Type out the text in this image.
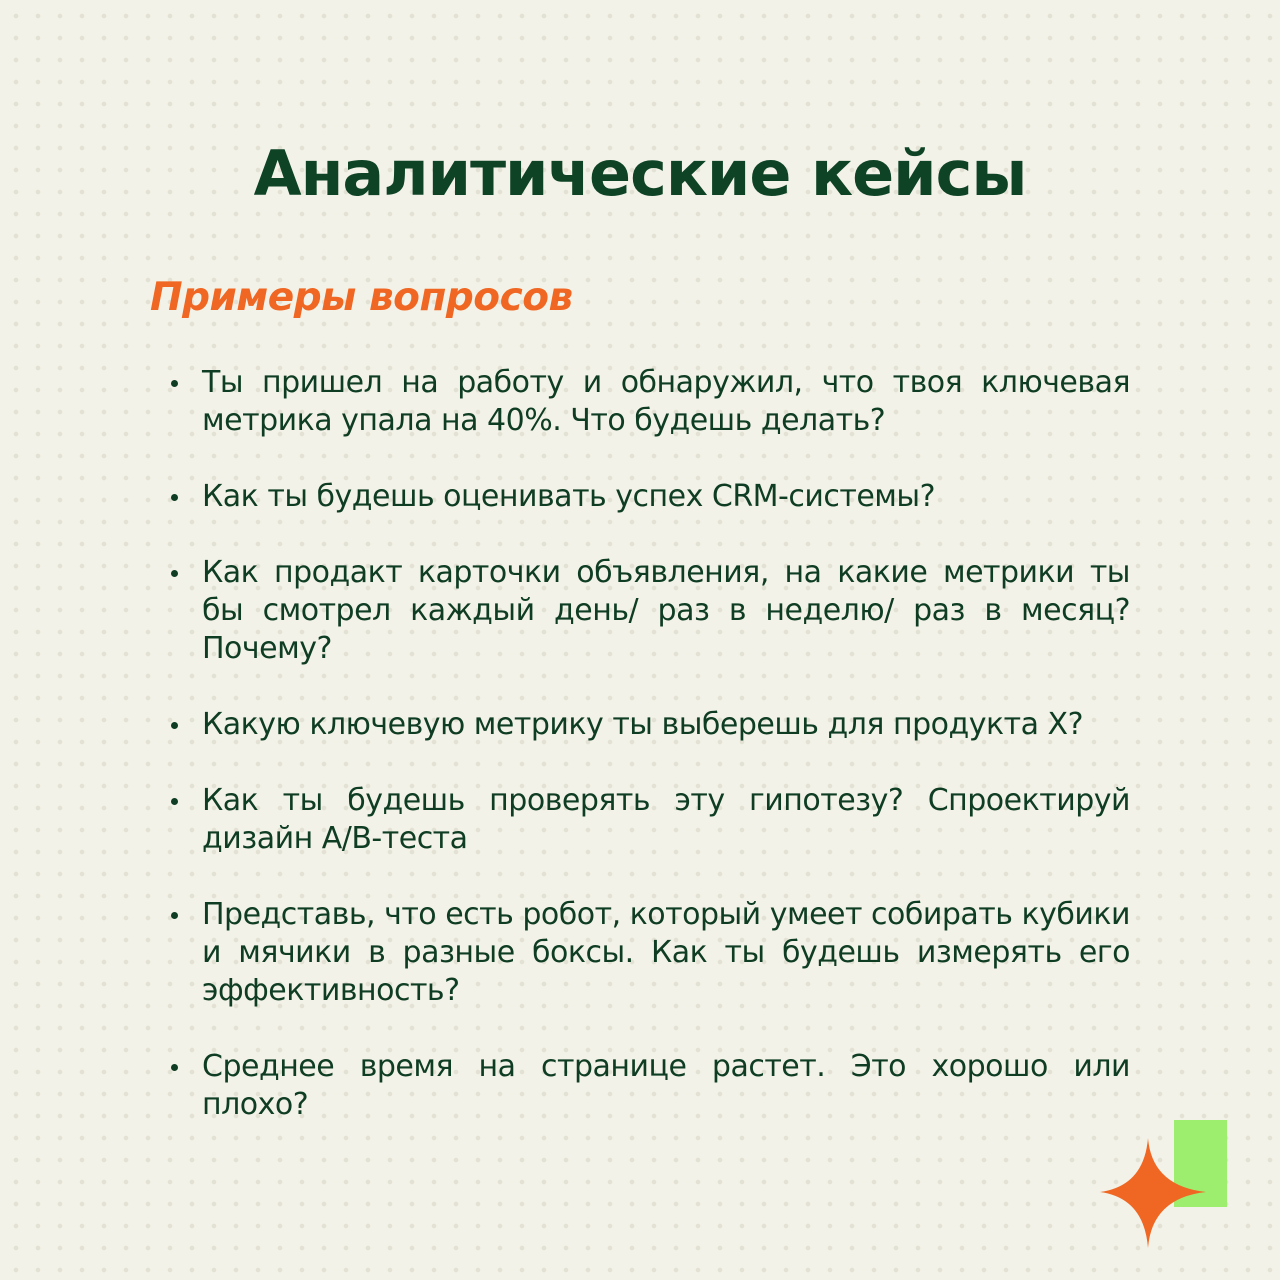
Аналитические кейсы
Примеры вопросов
Ты пришел на работу и обнаружил, что твоя ключевая метрика упала на 40%. Что будешь делать?
Как ты будешь оценивать успех CRM-системы?
Как продакт карточки объявления, на какие метрики ты бы смотрел каждый день/ раз в неделю/ раз в месяц? Почему?
Какую ключевую метрику ты выберешь для продукта X?
Как ты будешь проверять эту гипотезу? Спроектируй дизайн A/B-теста
Представь, что есть робот, который умеет собирать кубики и мячики в разные боксы. Как ты будешь измерять его эффективность?
Среднее время на странице растет. Это хорошо или плохо?
